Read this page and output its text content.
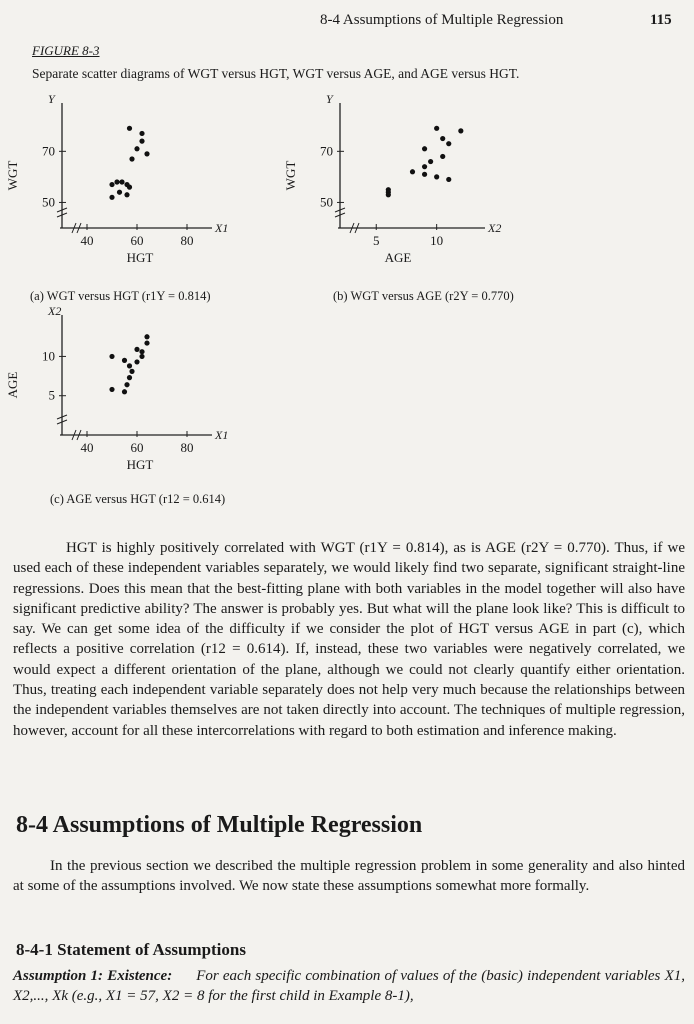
8-4 Assumptions of Multiple Regression	115
FIGURE 8-3
Separate scatter diagrams of WGT versus HGT, WGT versus AGE, and AGE versus HGT.
X1
Y
40	60	80
50
70
WGT
HGT
(a) WGT versus HGT (r1Y = 0.814)
X2
Y
5	10
50
70
WGT
AGE
(b) WGT versus AGE (r2Y = 0.770)
X1
X2
40	60	80
5
10
AGE
HGT
(c) AGE versus HGT (r12 = 0.614)

HGT is highly positively correlated with WGT (r1Y = 0.814), as is AGE (r2Y = 0.770). Thus, if we used each of these independent variables separately, we would likely find two separate, significant straight-line regressions. Does this mean that the best-fitting plane with both variables in the model together will also have significant predictive ability? The answer is probably yes. But what will the plane look like? This is difficult to say. We can get some idea of the difficulty if we consider the plot of HGT versus AGE in part (c), which reflects a positive correlation (r12 = 0.614). If, instead, these two variables were negatively correlated, we would expect a different orientation of the plane, although we could not clearly quantify either orientation. Thus, treating each independent variable separately does not help very much because the relationships between the independent variables themselves are not taken directly into account. The techniques of multiple regression, however, account for all these intercorrelations with regard to both estimation and inference making.

8-4 Assumptions of Multiple Regression

In the previous section we described the multiple regression problem in some generality and also hinted at some of the assumptions involved. We now state these assumptions somewhat more formally.

8-4-1 Statement of Assumptions

Assumption 1: Existence: For each specific combination of values of the (basic) independent variables X1, X2,..., Xk (e.g., X1 = 57, X2 = 8 for the first child in Example 8-1),
